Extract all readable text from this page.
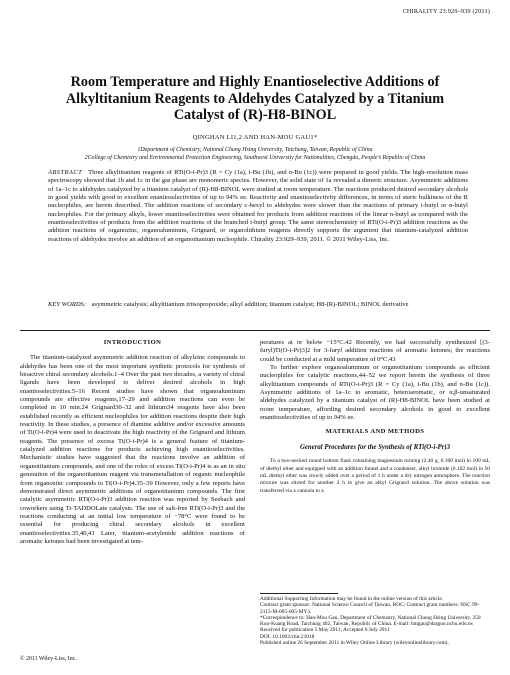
CHIRALITY 23:929–939 (2011)
Room Temperature and Highly Enantioselective Additions of Alkyltitanium Reagents to Aldehydes Catalyzed by a Titanium Catalyst of (R)-H8-BINOL
QINGHAN LI1,2 AND HAN-MOU GAU1*
1Department of Chemistry, National Chung Hsing University, Taichung, Taiwan, Republic of China
2College of Chemistry and Environmental Protection Engineering, Southwest University for Nationalities, Chengdu, People’s Republic of China
ABSTRACT Three alkyltitanium reagents of RTi(O-i-Pr)3 (R = Cy (1a), i-Bu (1b), and n-Bu (1c)) were prepared in good yields. The high-resolution mass spectroscopy showed that 1b and 1c in the gas phase are monomeric species. However, the solid state of 1a revealed a dimeric structure. Asymmetric additions of 1a–1c to aldehydes catalyzed by a titanium catalyst of (R)-H8-BINOL were studied at room temperature. The reactions produced desired secondary alcohols in good yields with good to excellent enantioselectivities of up to 94% ee. Reactivity and enantioselectivity differences, in terms of steric bulkiness of the R nucleophiles, are herein described. The addition reactions of secondary c-hexyl to aldehydes were slower than the reactions of primary i-butyl or n-butyl nucleophiles. For the primary alkyls, lower enantioselectivities were obtained for products from addition reactions of the linear n-butyl as compared with the enantioselectivities of products from the addition reactions of the branched i-butyl group. The same stereochemistry of RTi(O-i-Pr)3 addition reactions as the addition reactions of organozinc, organoaluminum, Grignard, or organolithium reagents directly supports the argument that titanium-catalyzed addition reactions of aldehydes involve an addition of an organotitanium nucleophile. Chirality 23:929–939, 2011. © 2011 Wiley-Liss, Inc.
KEY WORDS: asymmetric catalysis; alkyltitanium triisopropoxide; alkyl addition; titanium catalyst; H8-(R)-BINOL; BINOL derivative
INTRODUCTION

The titanium-catalyzed asymmetric addition reaction of alkylzinc compounds to aldehydes has been one of the most important synthetic protocols for synthesis of bioactive chiral secondary alcohols.1–4 Over the past two decades, a variety of chiral ligands have been developed to deliver desired alcohols in high enantioselectivities.5–16 Recent studies have shown that organoaluminum compounds are effective reagents,17–29 and addition reactions can even be completed in 10 min.24 Grignard30–32 and lithium34 reagents have also been established recently as efficient nucleophiles for addition reactions despite their high reactivity. In these studies, a presence of diamine additive and/or excessive amounts of Ti(O-i-Pr)4 were used to deactivate the high reactivity of the Grignard and lithium reagents. The presence of excess Ti(O-i-Pr)4 is a general feature of titanium-catalyzed addition reactions for products achieving high enantioselectivities. Mechanistic studies have suggested that the reactions involve an addition of organotitanium compounds, and one of the roles of excess Ti(O-i-Pr)4 is as an in situ generation of the organotitanium reagent via transmetallation of organic nucleophile from organozinc compounds to Ti(O-i-Pr)4.35–39 However, only a few reports have demonstrated direct asymmetric additions of organotitanium compounds. The first catalytic asymmetric RTi(O-i-Pr)3 addition reaction was reported by Seebach and coworkers using Ti-TADDOLate catalysts. The use of salt-free RTi(O-i-Pr)3 and the reactions conducting at an initial low temperature of −78°C were found to be essential for producing chiral secondary alcohols in excellent enantioselectivities.35,40,41 Later, titanium-acetylenide addition reactions of aromatic ketones had been investigated at tem-

peratures at or below −15°C.42 Recently, we had successfully synthesized [(3-furyl)Ti(O-i-Pr)3]2 for 3-furyl addition reactions of aromatic ketones; the reactions could be conducted at a mild temperature of 0°C.43

To further explore organoaluminum or organotitanium compounds as efficient nucleophiles for catalytic reactions,44–52 we report herein the synthesis of three alkyltitanium compounds of RTi(O-i-Pr)3 (R = Cy (1a), i-Bu (1b), and n-Bu (1c)). Asymmetric additions of 1a–1c to aromatic, heteroaromatic, or α,β-unsaturated aldehydes catalyzed by a titanium catalyst of (R)-H8-BINOL have been studied at room temperature, affording desired secondary alcohols in good to excellent enantioselectivities of up to 94% ee.

MATERIALS AND METHODS
General Procedures for the Synthesis of RTi(O-i-Pr)3

To a two-necked round bottom flask containing magnesium turning (2.40 g, 0.100 mol) in 100 mL of diethyl ether and equipped with an addition funnel and a condenser, alkyl bromide (0.102 mol) in 50 mL diethyl ether was slowly added over a period of 1 h under a dry nitrogen atmosphere. The reaction mixture was stirred for another 2 h to give an alkyl Grignard solution. The above solution was transferred via a cannula to a

Additional Supporting Information may be found in the online version of this article.
Contract grant sponsor: National Science Council of Taiwan, ROC; Contract grant numbers: NSC 99-2113-M-005-005-MY3.
*Correspondence to: Han-Mou Gau, Department of Chemistry, National Chung Hsing University, 250 Kuo-Kuang Road, Taichung 402, Taiwan, Republic of China. E-mail: hmgau@dragon.nchu.edu.tw
Received for publication 5 May 2011; Accepted 6 July 2011
DOI: 10.1002/chir.21018
Published online 26 September 2011 in Wiley Online Library (wileyonlinelibrary.com).
© 2011 Wiley-Liss, Inc.
